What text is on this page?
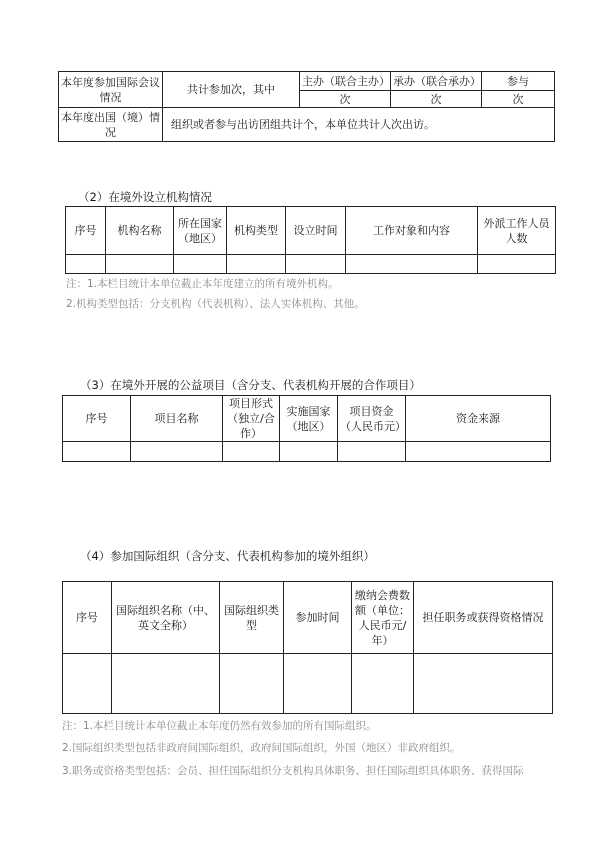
本年度参加国际会议情况	共计参加次，其中	主办（联合主办）	承办（联合承办）	参与
		次	次	次
本年度出国（境）情况	组织或者参与出访团组共计个，本单位共计人次出访。			
（2）在境外设立机构情况
序号	机构名称	所在国家（地区）	机构类型	设立时间	工作对象和内容	外派工作人员人数

注：1.本栏目统计本单位截止本年度建立的所有境外机构。
2.机构类型包括：分支机构（代表机构）、法人实体机构、其他。
（3）在境外开展的公益项目（含分支、代表机构开展的合作项目）
序号	项目名称	项目形式（独立/合作）	实施国家（地区）	项目资金（人民币元）	资金来源

（4）参加国际组织（含分支、代表机构参加的境外组织）
序号	国际组织名称（中、英文全称）	国际组织类型	参加时间	缴纳会费数额（单位：人民币元/年）	担任职务或获得资格情况

注：1.本栏目统计本单位截止本年度仍然有效参加的所有国际组织。
2.国际组织类型包括非政府间国际组织，政府间国际组织，外国（地区）非政府组织。
3.职务或资格类型包括：会员、担任国际组织分支机构具体职务、担任国际组织具体职务、获得国际
